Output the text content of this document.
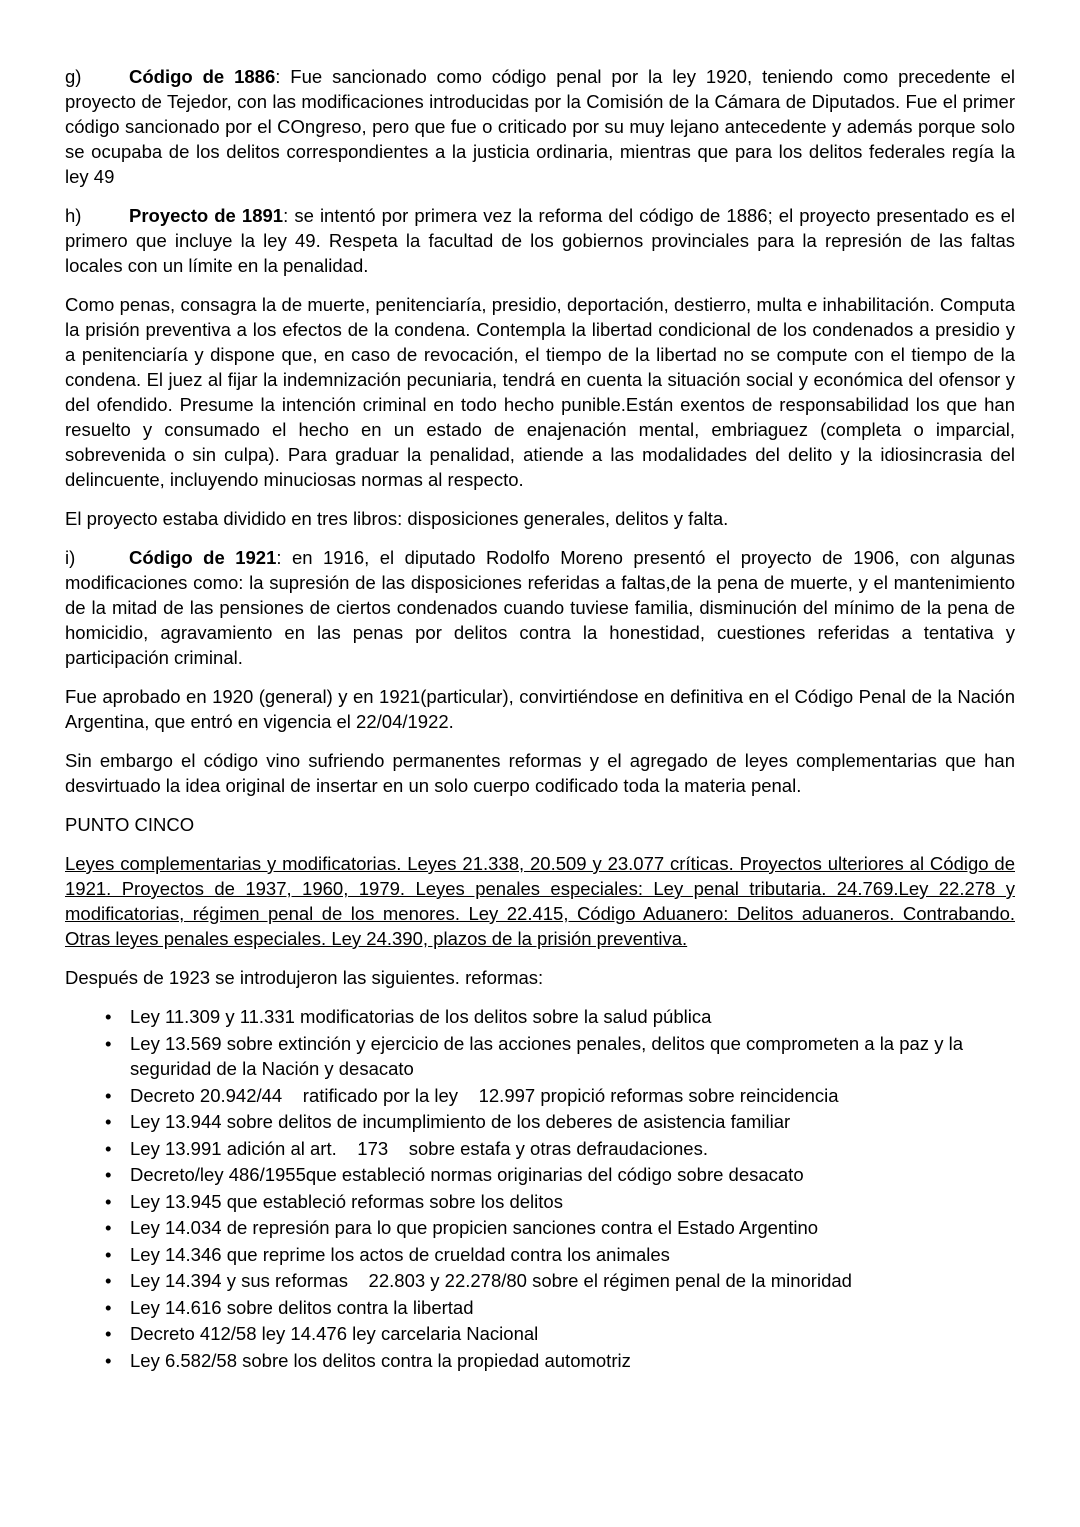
g)	Código de 1886: Fue sancionado como código penal por la ley 1920, teniendo como precedente el proyecto de Tejedor, con las modificaciones introducidas por la Comisión de la Cámara de Diputados. Fue el primer código sancionado por el COngreso, pero que fue o criticado por su muy lejano antecedente y además porque solo se ocupaba de los delitos correspondientes a la justicia ordinaria, mientras que para los delitos federales regía la ley 49

h)	Proyecto de 1891: se intentó por primera vez la reforma del código de 1886; el proyecto presentado es el primero que incluye la ley 49. Respeta la facultad de los gobiernos provinciales para la represión de las faltas locales con un límite en la penalidad.

Como penas, consagra la de muerte, penitenciaría, presidio, deportación, destierro, multa e inhabilitación. Computa la prisión preventiva a los efectos de la condena. Contempla la libertad condicional de los condenados a presidio y a penitenciaría y dispone que, en caso de revocación, el tiempo de la libertad no se compute con el tiempo de la condena. El juez al fijar la indemnización pecuniaria, tendrá en cuenta la situación social y económica del ofensor y del ofendido. Presume la intención criminal en todo hecho punible.Están exentos de responsabilidad los que han resuelto y consumado el hecho en un estado de enajenación mental, embriaguez (completa o imparcial, sobrevenida o sin culpa). Para graduar la penalidad, atiende a las modalidades del delito y la idiosincrasia del delincuente, incluyendo minuciosas normas al respecto.

El proyecto estaba dividido en tres libros: disposiciones generales, delitos y falta.

i)	Código de 1921: en 1916, el diputado Rodolfo Moreno presentó el proyecto de 1906, con algunas modificaciones como: la supresión de las disposiciones referidas a faltas,de la pena de muerte, y el mantenimiento de la mitad de las pensiones de ciertos condenados cuando tuviese familia, disminución del mínimo de la pena de homicidio, agravamiento en las penas por delitos contra la honestidad, cuestiones referidas a tentativa y participación criminal.

Fue aprobado en 1920 (general) y en 1921(particular), convirtiéndose en definitiva en el Código Penal de la Nación Argentina, que entró en vigencia el 22/04/1922.

Sin embargo el código vino sufriendo permanentes reformas y el agregado de leyes complementarias que han desvirtuado la idea original de insertar en un solo cuerpo codificado toda la materia penal.

PUNTO CINCO

Leyes complementarias y modificatorias. Leyes 21.338, 20.509 y 23.077 críticas. Proyectos ulteriores al Código de 1921. Proyectos de 1937, 1960, 1979. Leyes penales especiales: Ley penal tributaria. 24.769.Ley 22.278 y modificatorias, régimen penal de los menores. Ley 22.415, Código Aduanero: Delitos aduaneros. Contrabando. Otras leyes penales especiales. Ley 24.390, plazos de la prisión preventiva.

Después de 1923 se introdujeron las siguientes. reformas:

• Ley 11.309 y 11.331 modificatorias de los delitos sobre la salud pública
• Ley 13.569 sobre extinción y ejercicio de las acciones penales, delitos que comprometen a la paz y la seguridad de la Nación y desacato
• Decreto 20.942/44    ratificado por la ley    12.997 propició reformas sobre reincidencia
• Ley 13.944 sobre delitos de incumplimiento de los deberes de asistencia familiar
• Ley 13.991 adición al art.    173    sobre estafa y otras defraudaciones.
• Decreto/ley 486/1955que estableció normas originarias del código sobre desacato
• Ley 13.945 que estableció reformas sobre los delitos
• Ley 14.034 de represión para lo que propicien sanciones contra el Estado Argentino
• Ley 14.346 que reprime los actos de crueldad contra los animales
• Ley 14.394 y sus reformas    22.803 y 22.278/80 sobre el régimen penal de la minoridad
• Ley 14.616 sobre delitos contra la libertad
• Decreto 412/58 ley 14.476 ley carcelaria Nacional
• Ley 6.582/58 sobre los delitos contra la propiedad automotriz
